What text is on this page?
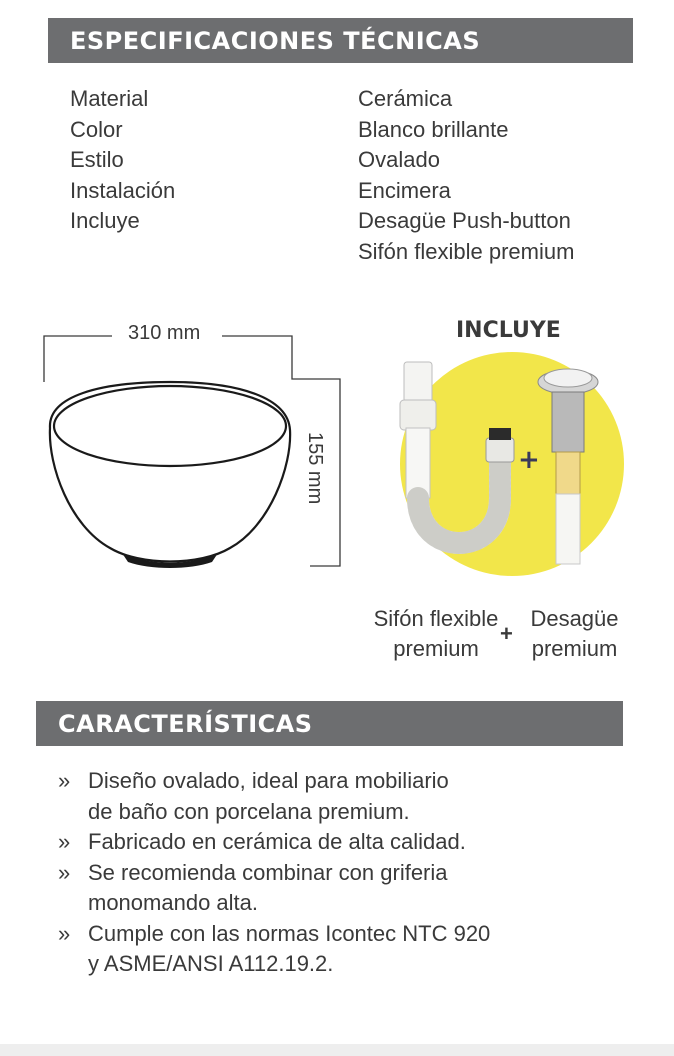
ESPECIFICACIONES TÉCNICAS
Material
Color
Estilo
Instalación
Incluye
Cerámica
Blanco brillante
Ovalado
Encimera
Desagüe Push-button
Sifón flexible premium
310 mm
155 mm
INCLUYE
+
Sifón flexible
premium
+
Desagüe
premium
CARACTERÍSTICAS
» Diseño ovalado, ideal para mobiliario
de baño con porcelana premium.
» Fabricado en cerámica de alta calidad.
» Se recomienda combinar con griferia
monomando alta.
» Cumple con las normas Icontec NTC 920
y ASME/ANSI A112.19.2.
